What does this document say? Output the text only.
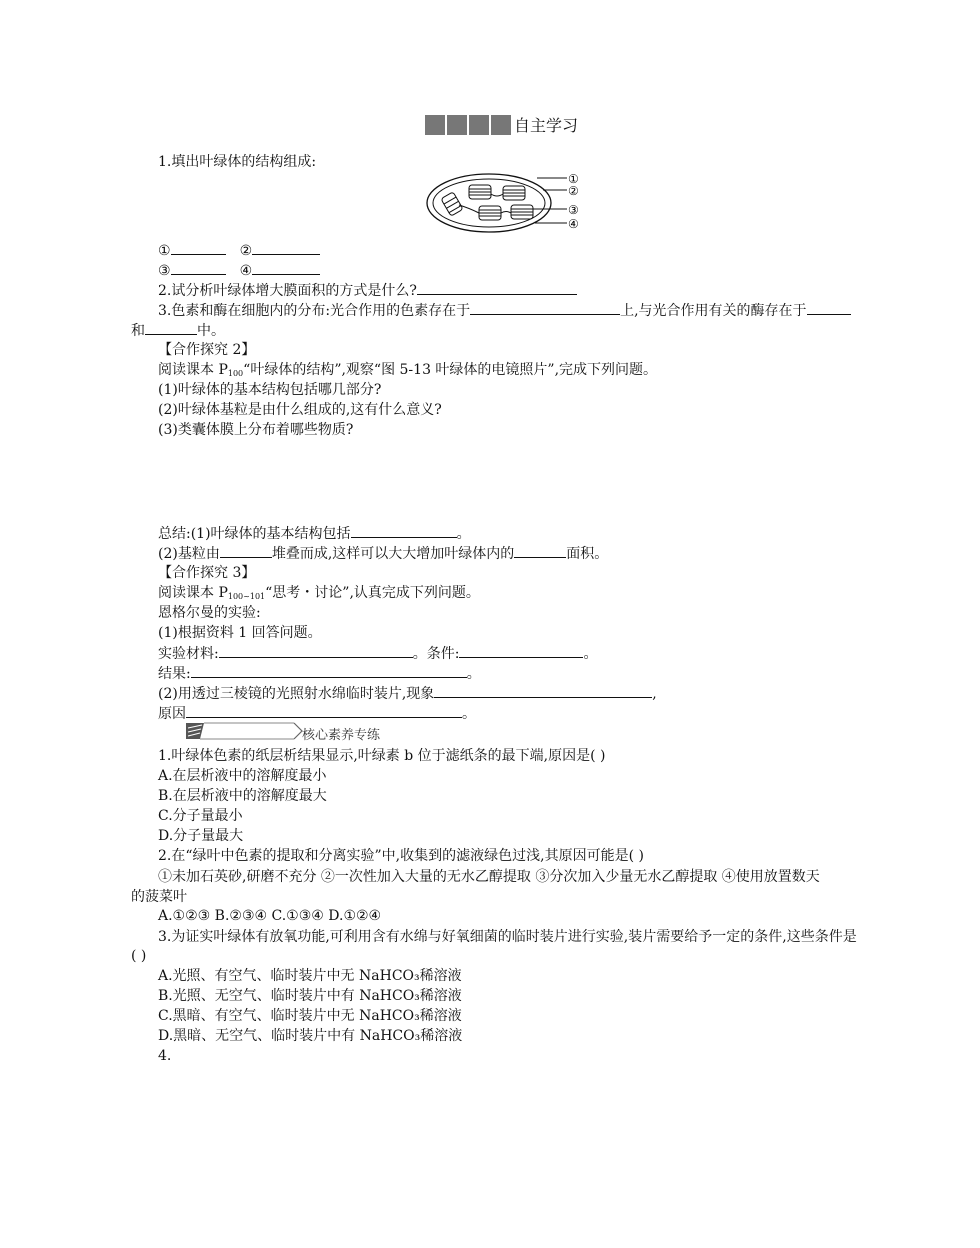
自主学习
1.填出叶绿体的结构组成:
①
②
③
④
①	②
③	④
2.试分析叶绿体增大膜面积的方式是什么?
3.色素和酶在细胞内的分布:光合作用的色素存在于	上,与光合作用有关的酶存在于
和	中。
【合作探究 2】
阅读课本 $P_{100}“$叶绿体的结构”,观察“图 5-13 叶绿体的电镜照片”,完成下列问题。
(1)叶绿体的基本结构包括哪几部分?
(2)叶绿体基粒是由什么组成的,这有什么意义?
(3)类囊体膜上分布着哪些物质?
总结:(1)叶绿体的基本结构包括	。
(2)基粒由	堆叠而成,这样可以大大增加叶绿体内的	面积。
【合作探究 3】
阅读课本 $P_{100\sim 101}“$思考・讨论”,认真完成下列问题。
恩格尔曼的实验:
(1)根据资料 1 回答问题。
实验材料:	。条件:	。
结果:	。
(2)用透过三棱镜的光照射水绵临时装片,现象	,
原因	。
核心素养专练
1.叶绿体色素的纸层析结果显示,叶绿素 b 位于滤纸条的最下端,原因是( )
A.在层析液中的溶解度最小
B.在层析液中的溶解度最大
C.分子量最小
D.分子量最大
2.在“绿叶中色素的提取和分离实验”中,收集到的滤液绿色过浅,其原因可能是( )
①未加石英砂,研磨不充分 ②一次性加入大量的无水乙醇提取 ③分次加入少量无水乙醇提取 ④使用放置数天
的菠菜叶
A.①②③ B.②③④ C.①③④ D.①②④
3.为证实叶绿体有放氧功能,可利用含有水绵与好氧细菌的临时装片进行实验,装片需要给予一定的条件,这些条件是
( )
A.光照、有空气、临时装片中无 NaHCO₃稀溶液
B.光照、无空气、临时装片中有 NaHCO₃稀溶液
C.黑暗、有空气、临时装片中无 NaHCO₃稀溶液
D.黑暗、无空气、临时装片中有 NaHCO₃稀溶液
4.
